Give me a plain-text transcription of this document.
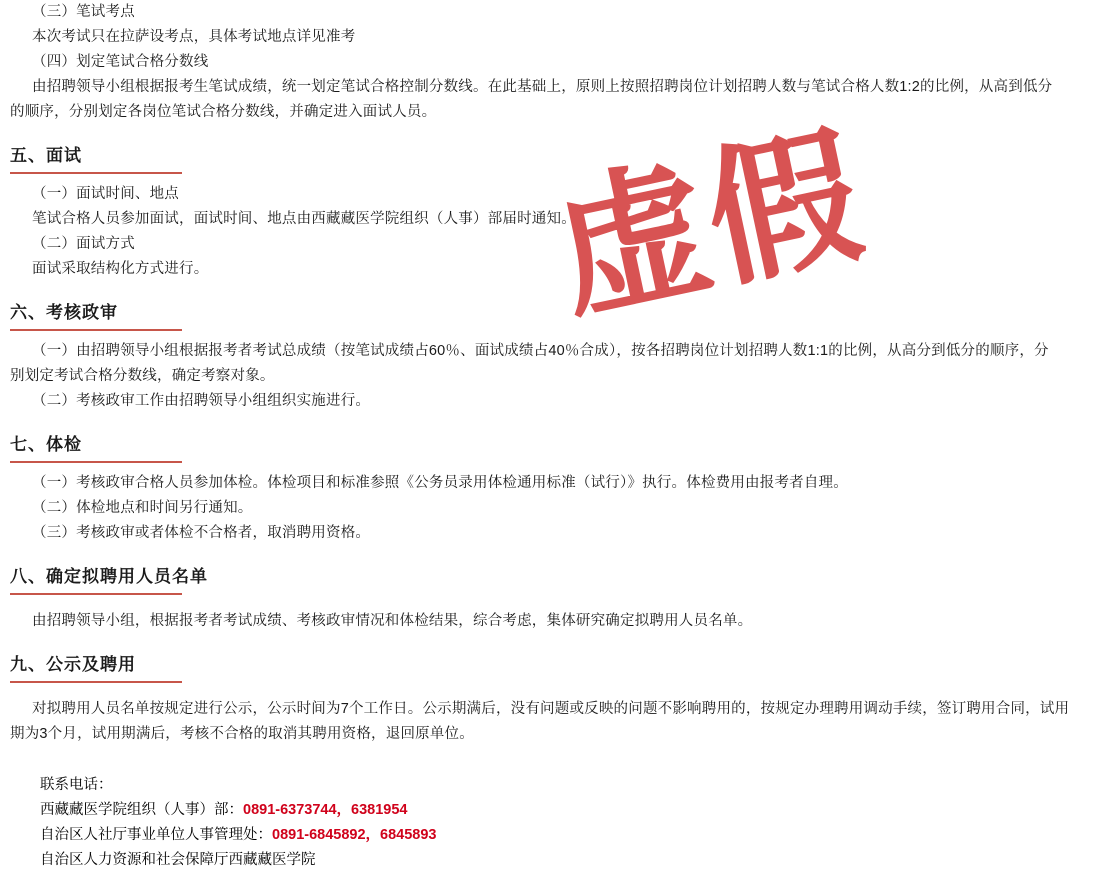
（三）笔试考点

本次考试只在拉萨设考点，具体考试地点详见准考

（四）划定笔试合格分数线

由招聘领导小组根据报考生笔试成绩，统一划定笔试合格控制分数线。在此基础上，原则上按照招聘岗位计划招聘人数与笔试合格人数1:2的比例，从高到低分

的顺序，分别划定各岗位笔试合格分数线，并确定进入面试人员。

五、面试

（一）面试时间、地点

笔试合格人员参加面试，面试时间、地点由西藏藏医学院组织（人事）部届时通知。

（二）面试方式

面试采取结构化方式进行。

六、考核政审

（一）由招聘领导小组根据报考者考试总成绩（按笔试成绩占60％、面试成绩占40％合成），按各招聘岗位计划招聘人数1:1的比例，从高分到低分的顺序，分

别划定考试合格分数线，确定考察对象。

（二）考核政审工作由招聘领导小组组织实施进行。

七、体检

（一）考核政审合格人员参加体检。体检项目和标准参照《公务员录用体检通用标准（试行）》执行。体检费用由报考者自理。

（二）体检地点和时间另行通知。

（三）考核政审或者体检不合格者，取消聘用资格。

八、确定拟聘用人员名单

由招聘领导小组，根据报考者考试成绩、考核政审情况和体检结果，综合考虑，集体研究确定拟聘用人员名单。

九、公示及聘用

对拟聘用人员名单按规定进行公示，公示时间为7个工作日。公示期满后，没有问题或反映的问题不影响聘用的，按规定办理聘用调动手续，签订聘用合同，试用

期为3个月，试用期满后，考核不合格的取消其聘用资格，退回原单位。

联系电话：
西藏藏医学院组织（人事）部：0891-6373744，6381954
自治区人社厅事业单位人事管理处：0891-6845892，6845893
自治区人力资源和社会保障厅西藏藏医学院
虚假
